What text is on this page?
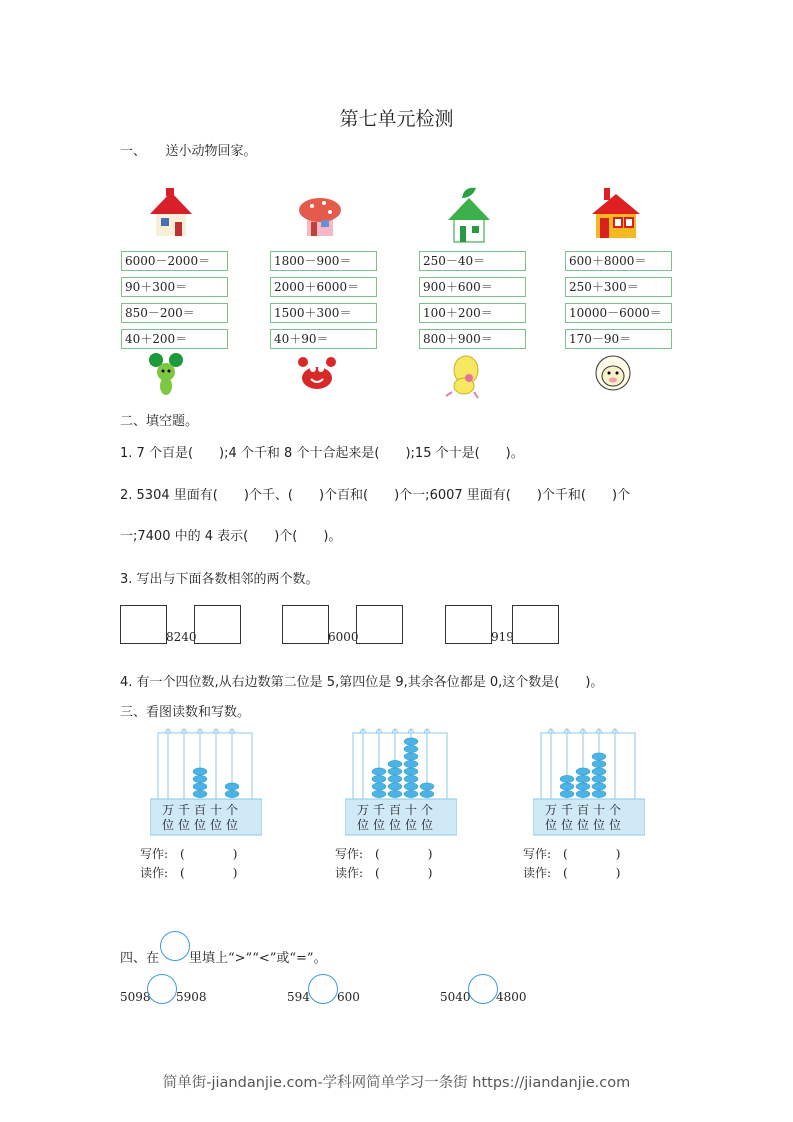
第七单元检测
一、　　送小动物回家。
二、填空题。
1. 7 个百是(　　);4 个千和 8 个十合起来是(　　);15 个十是(　　)。
2. 5304 里面有(　　)个千、(　　)个百和(　　)个一;6007 里面有(　　)个千和(　　)个
一;7400 中的 4 表示(　　)个(　　)。
3. 写出与下面各数相邻的两个数。
4. 有一个四位数,从右边数第二位是 5,第四位是 9,其余各位都是 0,这个数是(　　)。
三、看图读数和写数。
四、在 里填上“>”“<”或“=”。
简单街-jiandanjie.com-学科网简单学习一条街 https://jiandanjie.com
6000－2000＝
90＋300＝
850－200＝
40＋200＝
1800－900＝
2000＋6000＝
1500＋300＝
40＋90＝
250－40＝
900＋600＝
100＋200＝
800＋900＝
600＋8000＝
250＋300＝
10000－6000＝
170－90＝
8240	6000	919
万 千 百 十 个
位 位 位 位 位
写作:　(　　　　)
读作:　(　　　　)
万 千 百 十 个
位 位 位 位 位
写作:　(　　　　)
读作:　(　　　　)
万 千 百 十 个
位 位 位 位 位
写作:　(　　　　)
读作:　(　　　　)
5098 5908	594 600	5040 4800
